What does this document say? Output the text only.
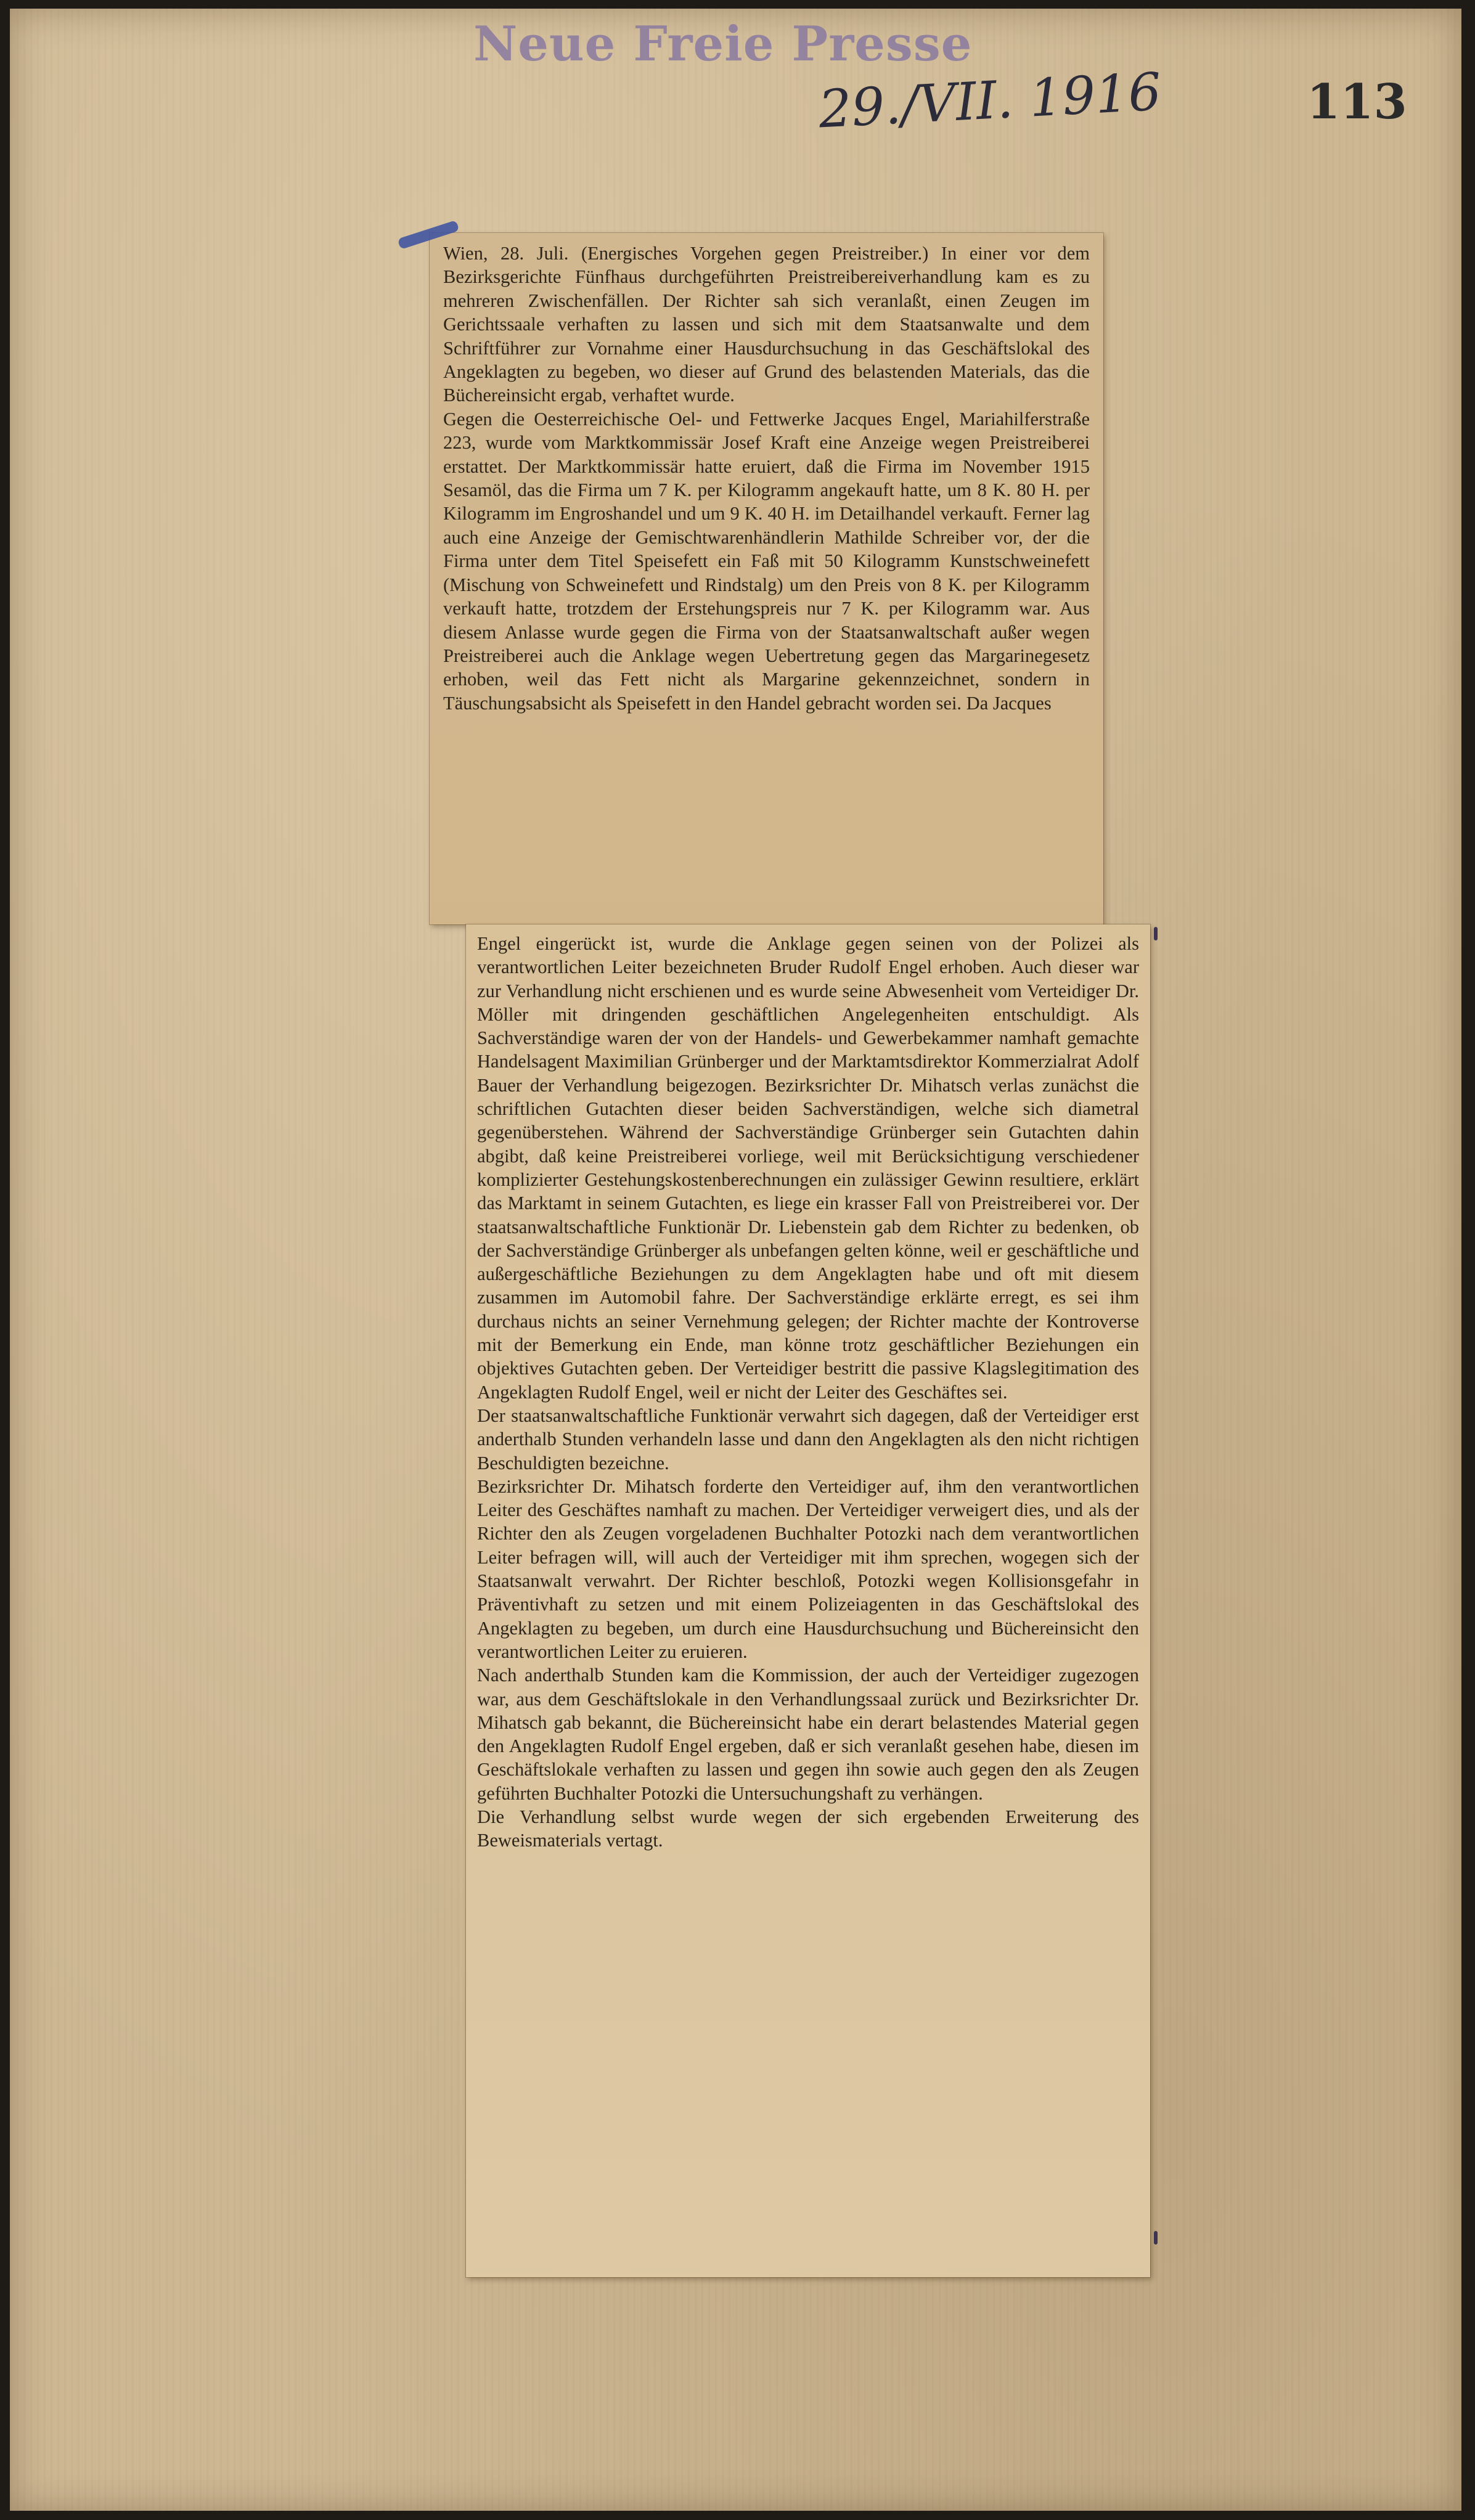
Neue Freie Presse
29./VII. 1916	113

Wien, 28. Juli. (Energisches Vorgehen gegen Preistreiber.) In einer vor dem Bezirksgerichte Fünfhaus durchgeführten Preistreibereiverhandlung kam es zu mehreren Zwischenfällen. Der Richter sah sich veranlaßt, einen Zeugen im Gerichtssaale verhaften zu lassen und sich mit dem Staatsanwalte und dem Schriftführer zur Vornahme einer Hausdurchsuchung in das Geschäftslokal des Angeklagten zu begeben, wo dieser auf Grund des belastenden Materials, das die Büchereinsicht ergab, verhaftet wurde.
Gegen die Oesterreichische Oel- und Fettwerke Jacques Engel, Mariahilferstraße 223, wurde vom Marktkommissär Josef Kraft eine Anzeige wegen Preistreiberei erstattet. Der Marktkommissär hatte eruiert, daß die Firma im November 1915 Sesamöl, das die Firma um 7 K. per Kilogramm angekauft hatte, um 8 K. 80 H. per Kilogramm im Engroshandel und um 9 K. 40 H. im Detailhandel verkauft. Ferner lag auch eine Anzeige der Gemischtwarenhändlerin Mathilde Schreiber vor, der die Firma unter dem Titel Speisefett ein Faß mit 50 Kilogramm Kunstschweinefett (Mischung von Schweinefett und Rindstalg) um den Preis von 8 K. per Kilogramm verkauft hatte, trotzdem der Erstehungspreis nur 7 K. per Kilogramm war. Aus diesem Anlasse wurde gegen die Firma von der Staatsanwaltschaft außer wegen Preistreiberei auch die Anklage wegen Uebertretung gegen das Margarinegesetz erhoben, weil das Fett nicht als Margarine gekennzeichnet, sondern in Täuschungsabsicht als Speisefett in den Handel gebracht worden sei. Da Jacques

Engel eingerückt ist, wurde die Anklage gegen seinen von der Polizei als verantwortlichen Leiter bezeichneten Bruder Rudolf Engel erhoben. Auch dieser war zur Verhandlung nicht erschienen und es wurde seine Abwesenheit vom Verteidiger Dr. Möller mit dringenden geschäftlichen Angelegenheiten entschuldigt. Als Sachverständige waren der von der Handels- und Gewerbekammer namhaft gemachte Handelsagent Maximilian Grünberger und der Marktamtsdirektor Kommerzialrat Adolf Bauer der Verhandlung beigezogen. Bezirksrichter Dr. Mihatsch verlas zunächst die schriftlichen Gutachten dieser beiden Sachverständigen, welche sich diametral gegenüberstehen. Während der Sachverständige Grünberger sein Gutachten dahin abgibt, daß keine Preistreiberei vorliege, weil mit Berücksichtigung verschiedener komplizierter Gestehungskostenberechnungen ein zulässiger Gewinn resultiere, erklärt das Marktamt in seinem Gutachten, es liege ein krasser Fall von Preistreiberei vor. Der staatsanwaltschaftliche Funktionär Dr. Liebenstein gab dem Richter zu bedenken, ob der Sachverständige Grünberger als unbefangen gelten könne, weil er geschäftliche und außergeschäftliche Beziehungen zu dem Angeklagten habe und oft mit diesem zusammen im Automobil fahre. Der Sachverständige erklärte erregt, es sei ihm durchaus nichts an seiner Vernehmung gelegen; der Richter machte der Kontroverse mit der Bemerkung ein Ende, man könne trotz geschäftlicher Beziehungen ein objektives Gutachten geben. Der Verteidiger bestritt die passive Klagslegitimation des Angeklagten Rudolf Engel, weil er nicht der Leiter des Geschäftes sei.
Der staatsanwaltschaftliche Funktionär verwahrt sich dagegen, daß der Verteidiger erst anderthalb Stunden verhandeln lasse und dann den Angeklagten als den nicht richtigen Beschuldigten bezeichne.
Bezirksrichter Dr. Mihatsch forderte den Verteidiger auf, ihm den verantwortlichen Leiter des Geschäftes namhaft zu machen. Der Verteidiger verweigert dies, und als der Richter den als Zeugen vorgeladenen Buchhalter Potozki nach dem verantwortlichen Leiter befragen will, will auch der Verteidiger mit ihm sprechen, wogegen sich der Staatsanwalt verwahrt. Der Richter beschloß, Potozki wegen Kollisionsgefahr in Präventivhaft zu setzen und mit einem Polizeiagenten in das Geschäftslokal des Angeklagten zu begeben, um durch eine Hausdurchsuchung und Büchereinsicht den verantwortlichen Leiter zu eruieren.
Nach anderthalb Stunden kam die Kommission, der auch der Verteidiger zugezogen war, aus dem Geschäftslokale in den Verhandlungssaal zurück und Bezirksrichter Dr. Mihatsch gab bekannt, die Büchereinsicht habe ein derart belastendes Material gegen den Angeklagten Rudolf Engel ergeben, daß er sich veranlaßt gesehen habe, diesen im Geschäftslokale verhaften zu lassen und gegen ihn sowie auch gegen den als Zeugen geführten Buchhalter Potozki die Untersuchungshaft zu verhängen.
Die Verhandlung selbst wurde wegen der sich ergebenden Erweiterung des Beweismaterials vertagt.
